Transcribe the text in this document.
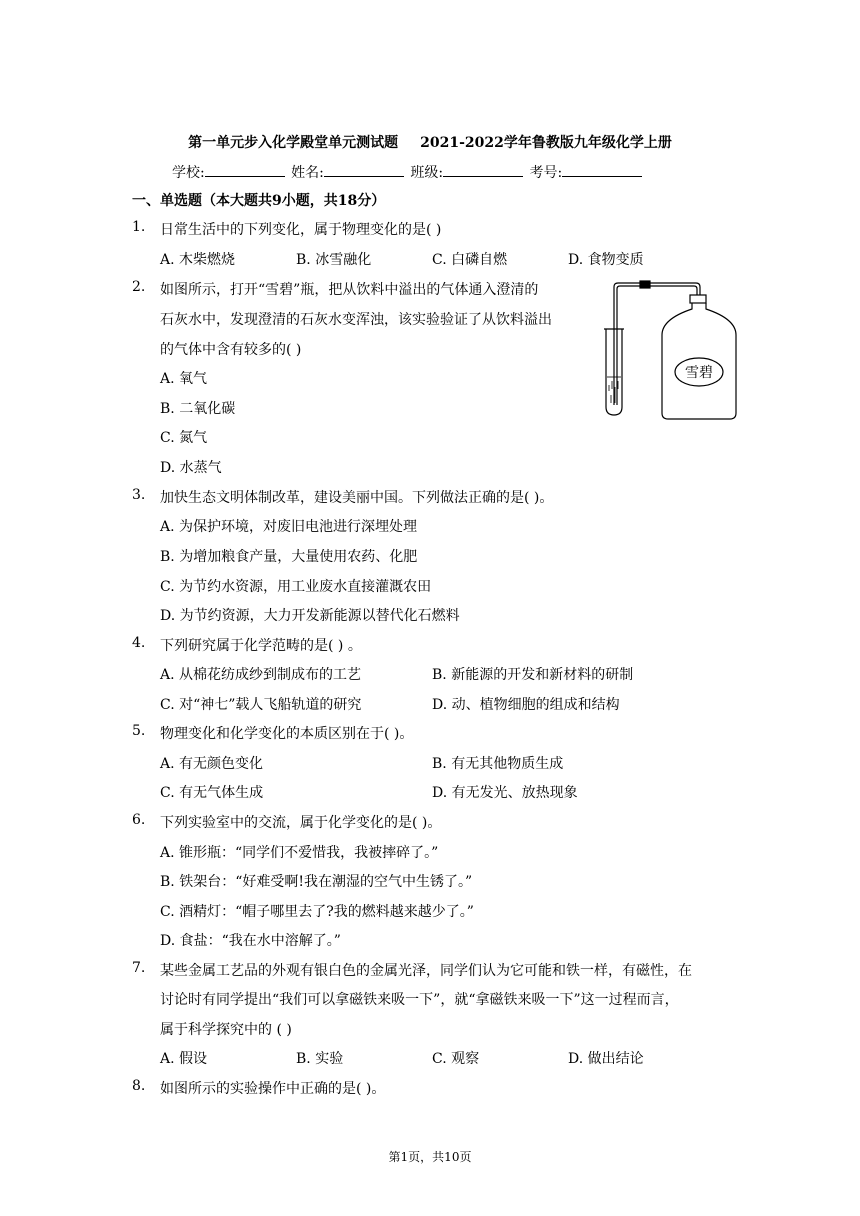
第一单元步入化学殿堂单元测试题 2021-2022学年鲁教版九年级化学上册
学校:	姓名:	班级:	考号:
一、单选题（本大题共9小题，共18分）
1. 日常生活中的下列变化，属于物理变化的是( )
A. 木柴燃烧	B. 冰雪融化	C. 白磷自燃	D. 食物变质
2. 如图所示，打开“雪碧”瓶，把从饮料中溢出的气体通入澄清的
石灰水中，发现澄清的石灰水变浑浊，该实验验证了从饮料溢出
的气体中含有较多的( )
A. 氧气
B. 二氧化碳
C. 氮气
D. 水蒸气
雪碧
3. 加快生态文明体制改革，建设美丽中国。下列做法正确的是( )。
A. 为保护环境，对废旧电池进行深埋处理
B. 为增加粮食产量，大量使用农药、化肥
C. 为节约水资源，用工业废水直接灌溉农田
D. 为节约资源，大力开发新能源以替代化石燃料
4. 下列研究属于化学范畴的是( ) 。
A. 从棉花纺成纱到制成布的工艺	B. 新能源的开发和新材料的研制
C. 对“神七”载人飞船轨道的研究	D. 动、植物细胞的组成和结构
5. 物理变化和化学变化的本质区别在于( )。
A. 有无颜色变化	B. 有无其他物质生成
C. 有无气体生成	D. 有无发光、放热现象
6. 下列实验室中的交流，属于化学变化的是( )。
A. 锥形瓶：“同学们不爱惜我，我被摔碎了。”
B. 铁架台：“好难受啊!我在潮湿的空气中生锈了。”
C. 酒精灯：“帽子哪里去了?我的燃料越来越少了。”
D. 食盐：“我在水中溶解了。”
7. 某些金属工艺品的外观有银白色的金属光泽，同学们认为它可能和铁一样，有磁性，在
讨论时有同学提出“我们可以拿磁铁来吸一下”，就“拿磁铁来吸一下”这一过程而言，
属于科学探究中的 ( )
A. 假设	B. 实验	C. 观察	D. 做出结论
8. 如图所示的实验操作中正确的是( )。
第1页，共10页
